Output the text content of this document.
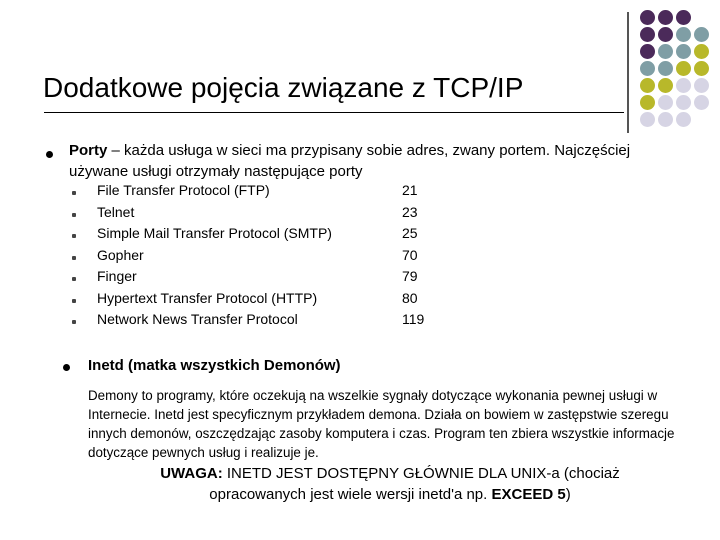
Dodatkowe pojęcia związane z TCP/IP
Porty – każda usługa w sieci ma przypisany sobie adres, zwany portem. Najczęściej używane usługi otrzymały następujące porty
File Transfer Protocol (FTP)	21
Telnet	23
Simple Mail Transfer Protocol (SMTP)	25
Gopher	70
Finger	79
Hypertext Transfer Protocol (HTTP)	80
Network News Transfer Protocol	119
Inetd (matka wszystkich Demonów)
Demony to programy, które oczekują na wszelkie sygnały dotyczące wykonania pewnej usługi w Internecie. Inetd jest specyficznym przykładem demona. Działa on bowiem w zastępstwie szeregu innych demonów, oszczędzając zasoby komputera i czas. Program ten zbiera wszystkie informacje dotyczące pewnych usług i realizuje je.
UWAGA: INETD JEST DOSTĘPNY GŁÓWNIE DLA UNIX-a (chociaż opracowanych jest wiele wersji inetd'a np. EXCEED 5)
